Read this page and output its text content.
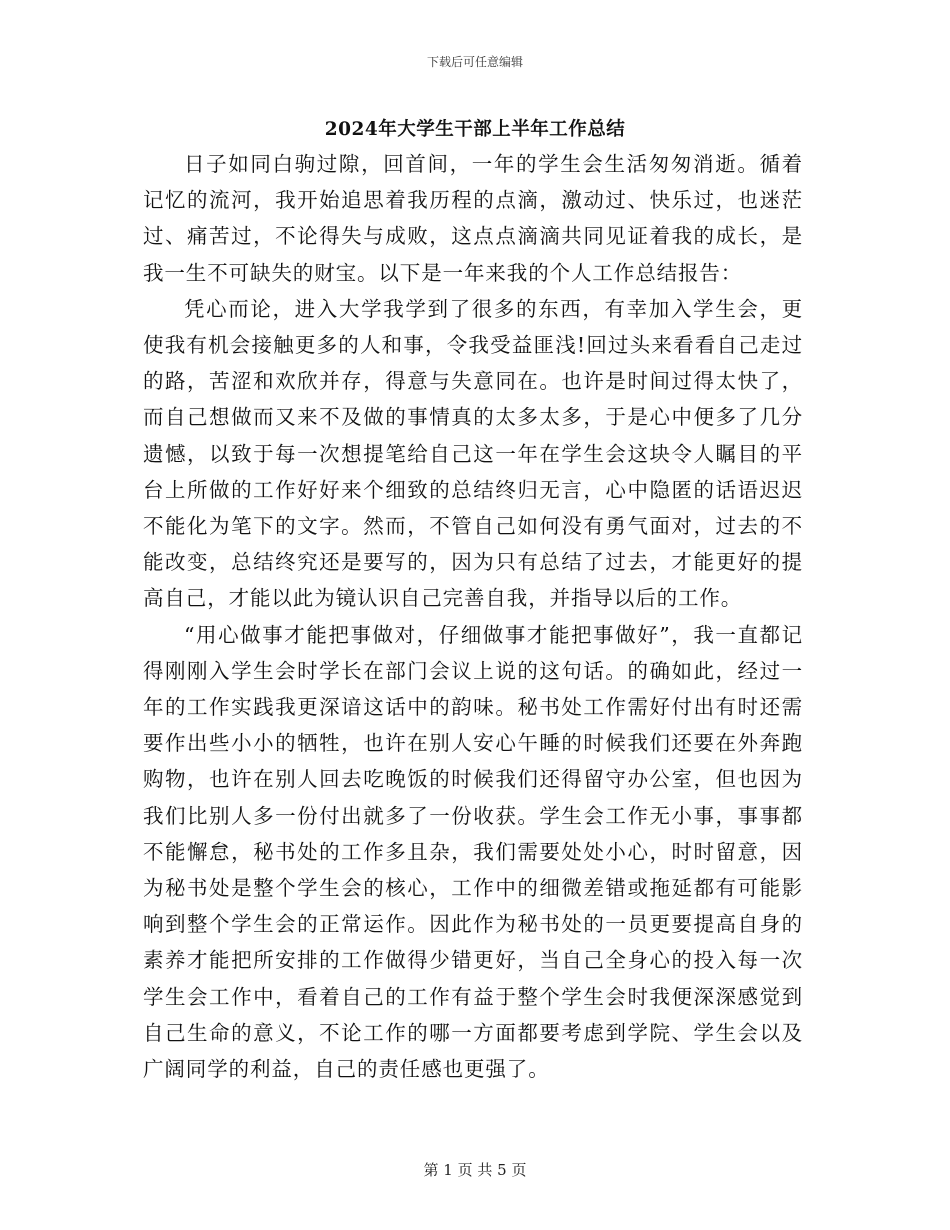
下载后可任意编辑
2024年大学生干部上半年工作总结

日子如同白驹过隙，回首间，一年的学生会生活匆匆消逝。循着记忆的流河，我开始追思着我历程的点滴，激动过、快乐过，也迷茫过、痛苦过，不论得失与成败，这点点滴滴共同见证着我的成长，是我一生不可缺失的财宝。以下是一年来我的个人工作总结报告：

凭心而论，进入大学我学到了很多的东西，有幸加入学生会，更使我有机会接触更多的人和事，令我受益匪浅!回过头来看看自己走过的路，苦涩和欢欣并存，得意与失意同在。也许是时间过得太快了，而自己想做而又来不及做的事情真的太多太多，于是心中便多了几分遗憾，以致于每一次想提笔给自己这一年在学生会这块令人瞩目的平台上所做的工作好好来个细致的总结终归无言，心中隐匿的话语迟迟不能化为笔下的文字。然而，不管自己如何没有勇气面对，过去的不能改变，总结终究还是要写的，因为只有总结了过去，才能更好的提高自己，才能以此为镜认识自己完善自我，并指导以后的工作。

“用心做事才能把事做对，仔细做事才能把事做好”，我一直都记得刚刚入学生会时学长在部门会议上说的这句话。的确如此，经过一年的工作实践我更深谙这话中的韵味。秘书处工作需好付出有时还需要作出些小小的牺牲，也许在别人安心午睡的时候我们还要在外奔跑购物，也许在别人回去吃晚饭的时候我们还得留守办公室，但也因为我们比别人多一份付出就多了一份收获。学生会工作无小事，事事都不能懈怠，秘书处的工作多且杂，我们需要处处小心，时时留意，因为秘书处是整个学生会的核心，工作中的细微差错或拖延都有可能影响到整个学生会的正常运作。因此作为秘书处的一员更要提高自身的素养才能把所安排的工作做得少错更好，当自己全身心的投入每一次学生会工作中，看着自己的工作有益于整个学生会时我便深深感觉到自己生命的意义，不论工作的哪一方面都要考虑到学院、学生会以及广阔同学的利益，自己的责任感也更强了。

第 1 页 共 5 页
